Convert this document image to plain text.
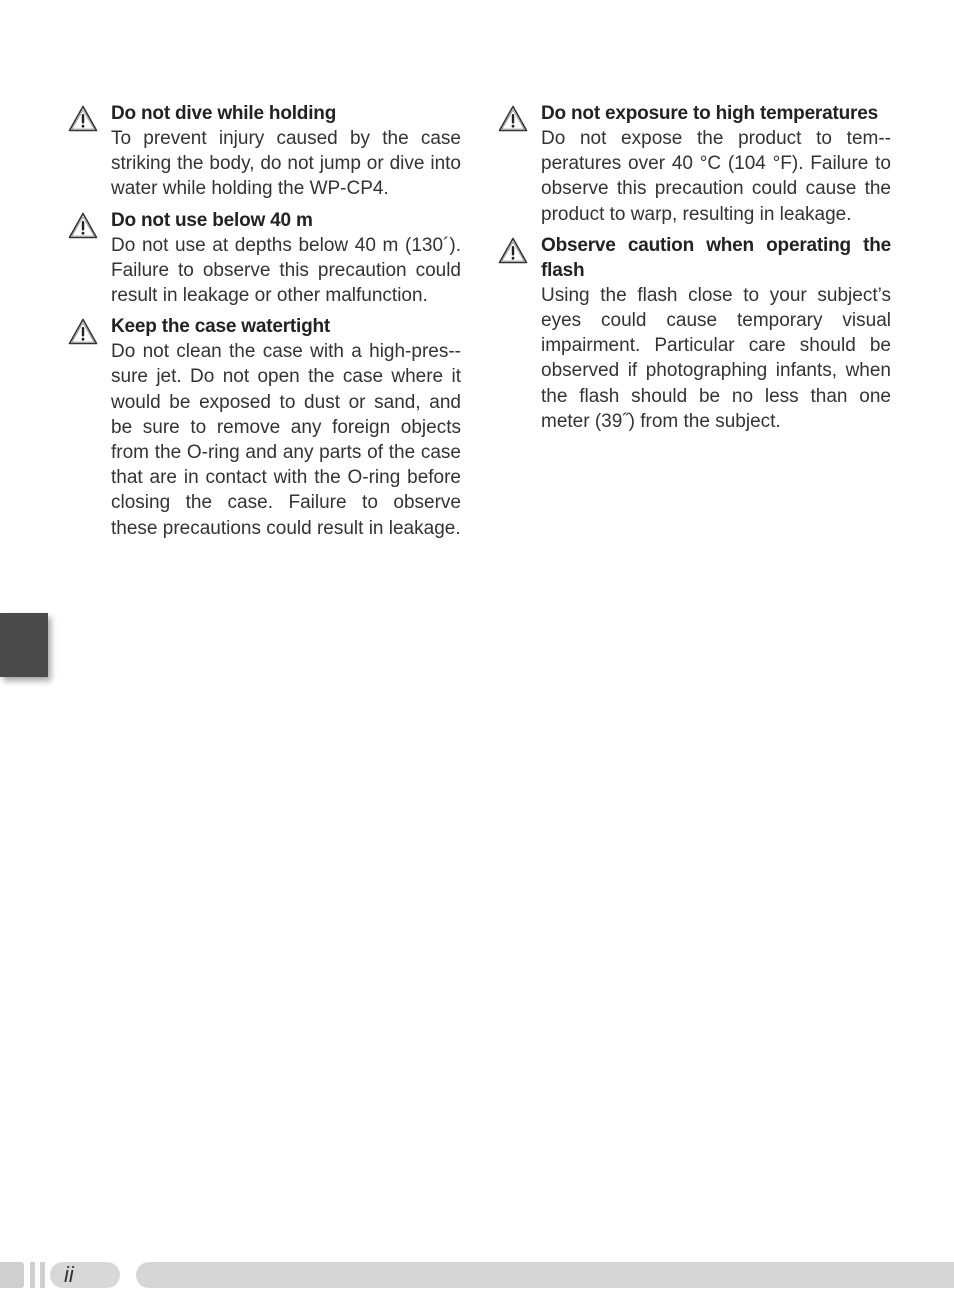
Do not dive while holding

To prevent injury caused by the case striking the body, do not jump or dive into water while holding the WP-CP4.

Do not use below 40 m

Do not use at depths below 40 m (130´). Failure to observe this precaution could result in leakage or other malfunction.

Keep the case watertight

Do not clean the case with a high-pres-sure jet. Do not open the case where it would be exposed to dust or sand, and be sure to remove any foreign objects from the O-ring and any parts of the case that are in contact with the O-ring before closing the case. Failure to observe these precautions could result in leakage.

Do not exposure to high temperatures

Do not expose the product to tem-peratures over 40 °C (104 °F). Failure to observe this precaution could cause the product to warp, resulting in leakage.

Observe caution when operating the flash

Using the flash close to your subject’s eyes could cause temporary visual impairment. Particular care should be observed if photographing infants, when the flash should be no less than one meter (39˝) from the subject.

ii
